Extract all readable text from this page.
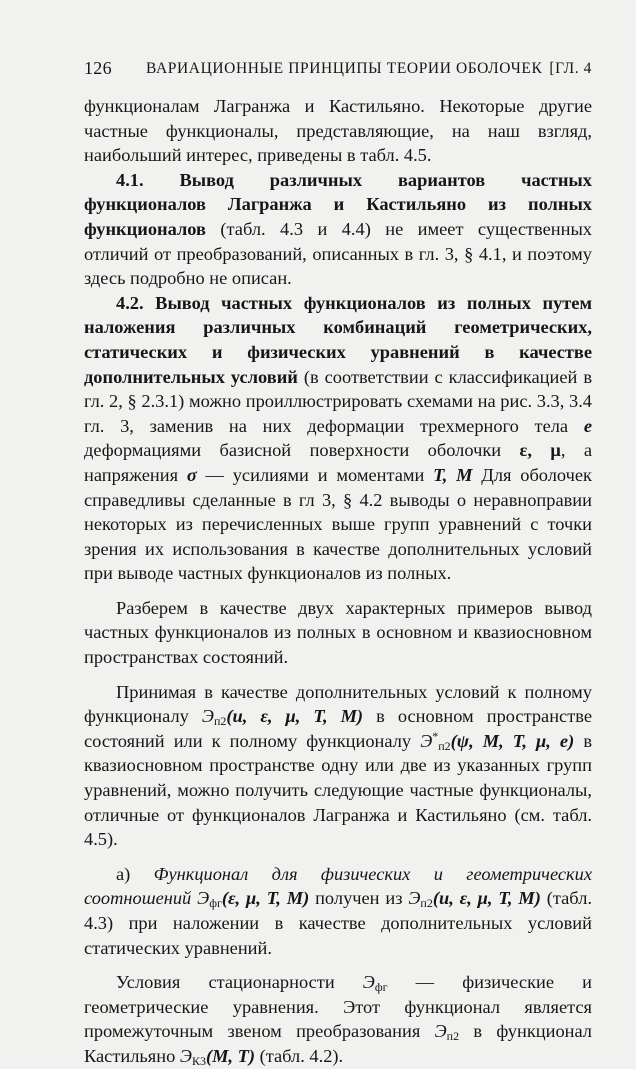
126 ВАРИАЦИОННЫЕ ПРИНЦИПЫ ТЕОРИИ ОБОЛОЧЕК [ГЛ. 4

функционалам Лагранжа и Кастильяно. Некоторые другие частные функционалы, представляющие, на наш взгляд, наибольший интерес, приведены в табл. 4.5.

4.1. Вывод различных вариантов частных функционалов Лагранжа и Кастильяно из полных функционалов (табл. 4.3 и 4.4) не имеет существенных отличий от преобразований, описанных в гл. 3, § 4.1, и поэтому здесь подробно не описан.

4.2. Вывод частных функционалов из полных путем наложения различных комбинаций геометрических, статических и физических уравнений в качестве дополнительных условий (в соответствии с классификацией в гл. 2, § 2.3.1) можно проиллюстрировать схемами на рис. 3.3, 3.4 гл. 3, заменив на них деформации трехмерного тела e деформациями базисной поверхности оболочки ε, μ, а напряжения σ — усилиями и моментами T, M Для оболочек справедливы сделанные в гл 3, § 4.2 выводы о неравноправии некоторых из перечисленных выше групп уравнений с точки зрения их использования в качестве дополнительных условий при выводе частных функционалов из полных.

Разберем в качестве двух характерных примеров вывод частных функционалов из полных в основном и квазиосновном пространствах состояний.

Принимая в качестве дополнительных условий к полному функционалу $Э_{п2}(u$, ε, μ, T, M) в основном пространстве состояний или к полному функционалу $Э^*_{п2}(\psi$, M, T, μ, e) в квазиосновном пространстве одну или две из указанных групп уравнений, можно получить следующие частные функционалы, отличные от функционалов Лагранжа и Кастильяно (см. табл. 4.5).

а) Функционал для физических и геометрических соотношений $Э_{фг}(\varepsilon$, μ, T, M) получен из $Э_{п2}(u$, ε, μ, T, M) (табл. 4.3) при наложении в качестве дополнительных условий статических уравнений.

Условия стационарности $Э_{фг}$ — физические и геометрические уравнения. Этот функционал является промежуточным звеном преобразования $Э_{п2}$ в функционал Кастильяно $Э_{К3}(M$, T) (табл. 4.2).
